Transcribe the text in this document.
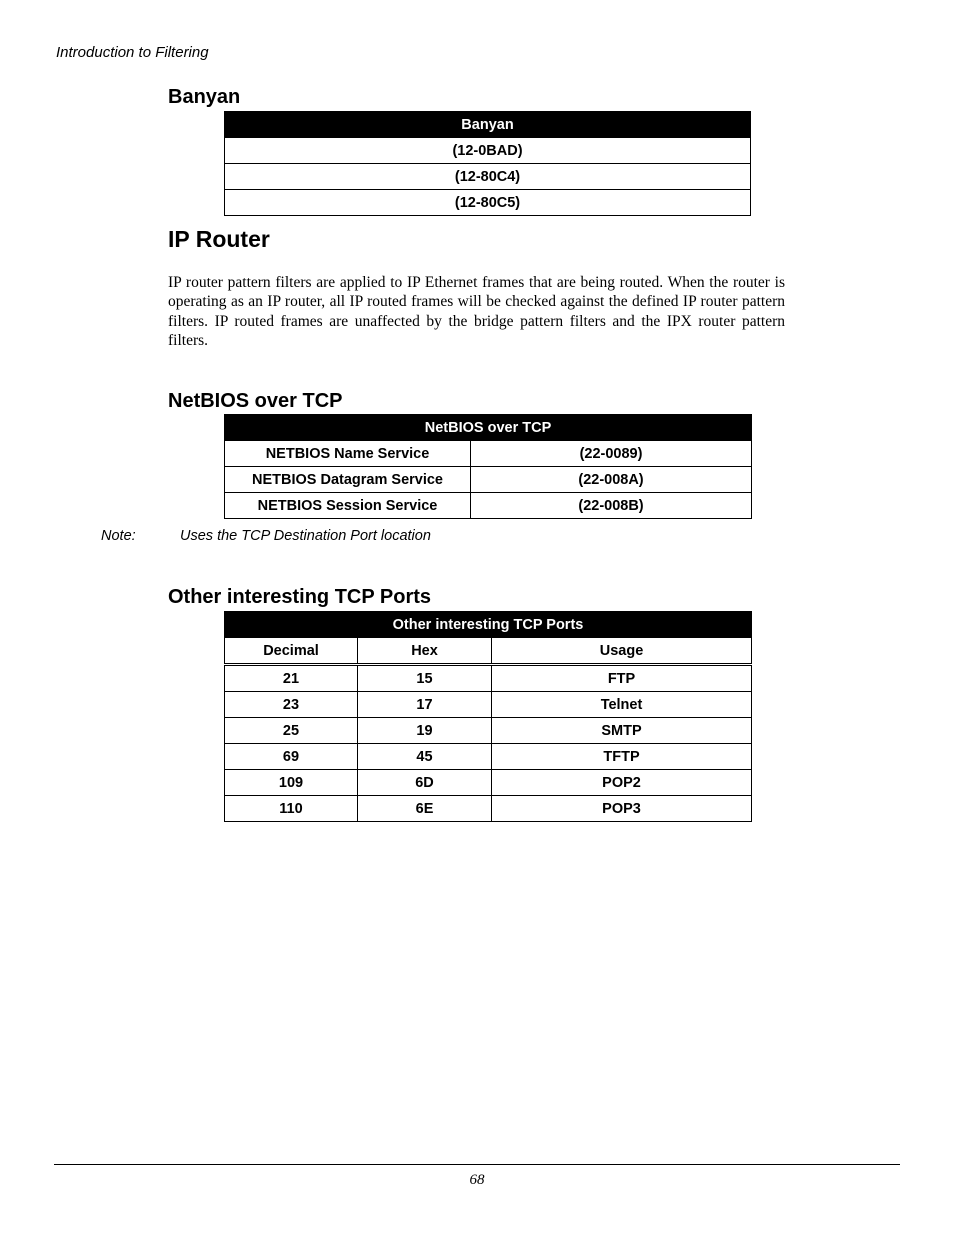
Introduction to Filtering
Banyan
Banyan
(12-0BAD)
(12-80C4)
(12-80C5)
IP Router

IP router pattern filters are applied to IP Ethernet frames that are being routed. When the router is operating as an IP router, all IP routed frames will be checked against the defined IP router pattern filters. IP routed frames are unaffected by the bridge pattern filters and the IPX router pattern filters.

NetBIOS over TCP
NetBIOS over TCP	
NETBIOS Name Service	(22-0089)
NETBIOS Datagram Service	(22-008A)
NETBIOS Session Service	(22-008B)
Note:	Uses the TCP Destination Port location
Other interesting TCP Ports
Other interesting TCP Ports		
Decimal	Hex	Usage
21	15	FTP
23	17	Telnet
25	19	SMTP
69	45	TFTP
109	6D	POP2
110	6E	POP3
68
